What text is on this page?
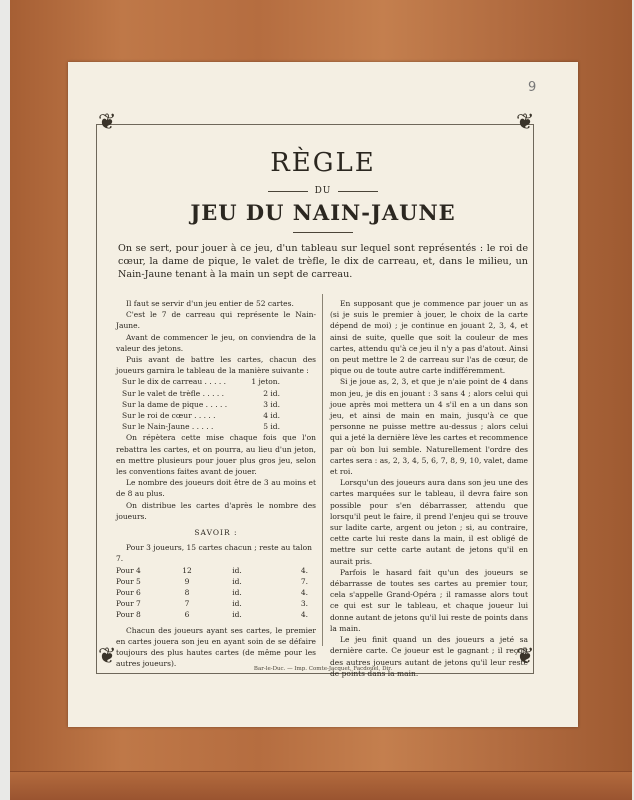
9
❦	❦
❦	❦
RÈGLE
DU
JEU DU NAIN-JAUNE
On se sert, pour jouer à ce jeu, d'un tableau sur lequel sont représentés : le roi de cœur, la dame de pique, le valet de trèfle, le dix de carreau, et, dans le milieu, un Nain-Jaune tenant à la main un sept de carreau.

Il faut se servir d'un jeu entier de 52 cartes.

C'est le 7 de carreau qui représente le Nain-Jaune.

Avant de commencer le jeu, on conviendra de la valeur des jetons.

Puis avant de battre les cartes, chacun des joueurs garnira le tableau de la manière suivante :

Sur le dix de carreau . . . . .	1 jeton.
Sur le valet de trèfle . . . . .	2 id.
Sur la dame de pique . . . . .	3 id.
Sur le roi de cœur . . . . .	4 id.
Sur le Nain-Jaune . . . . .	5 id.

On répètera cette mise chaque fois que l'on rebattra les cartes, et on pourra, au lieu d'un jeton, en mettre plusieurs pour jouer plus gros jeu, selon les conventions faites avant de jouer.

Le nombre des joueurs doit être de 3 au moins et de 8 au plus.

On distribue les cartes d'après le nombre des joueurs.

SAVOIR :
Pour 3 joueurs, 15 cartes chacun ; reste au talon 7.
Pour 4	12	id.	4.
Pour 5	9	id.	7.
Pour 6	8	id.	4.
Pour 7	7	id.	3.
Pour 8	6	id.	4.

Chacun des joueurs ayant ses cartes, le premier en cartes jouera son jeu en ayant soin de se défaire toujours des plus hautes cartes (de même pour les autres joueurs).

En supposant que je commence par jouer un as (si je suis le premier à jouer, le choix de la carte dépend de moi) ; je continue en jouant 2, 3, 4, et ainsi de suite, quelle que soit la couleur de mes cartes, attendu qu'à ce jeu il n'y a pas d'atout. Ainsi on peut mettre le 2 de carreau sur l'as de cœur, de pique ou de toute autre carte indifféremment.

Si je joue as, 2, 3, et que je n'aie point de 4 dans mon jeu, je dis en jouant : 3 sans 4 ; alors celui qui joue après moi mettera un 4 s'il en a un dans son jeu, et ainsi de main en main, jusqu'à ce que personne ne puisse mettre au-dessus ; alors celui qui a jeté la dernière lève les cartes et recommence par où bon lui semble. Naturellement l'ordre des cartes sera : as, 2, 3, 4, 5, 6, 7, 8, 9, 10, valet, dame et roi.

Lorsqu'un des joueurs aura dans son jeu une des cartes marquées sur le tableau, il devra faire son possible pour s'en débarrasser, attendu que lorsqu'il peut le faire, il prend l'enjeu qui se trouve sur ladite carte, argent ou jeton ; si, au contraire, cette carte lui reste dans la main, il est obligé de mettre sur cette carte autant de jetons qu'il en aurait pris.

Parfois le hasard fait qu'un des joueurs se débarrasse de toutes ses cartes au premier tour, cela s'appelle Grand-Opéra ; il ramasse alors tout ce qui est sur le tableau, et chaque joueur lui donne autant de jetons qu'il lui reste de points dans la main.

Le jeu finit quand un des joueurs a jeté sa dernière carte. Ce joueur est le gagnant ; il reçoit des autres joueurs autant de jetons qu'il leur reste de points dans la main.

Bar-le-Duc. — Imp. Comte-Jacquet, Facdouel, Dir.
